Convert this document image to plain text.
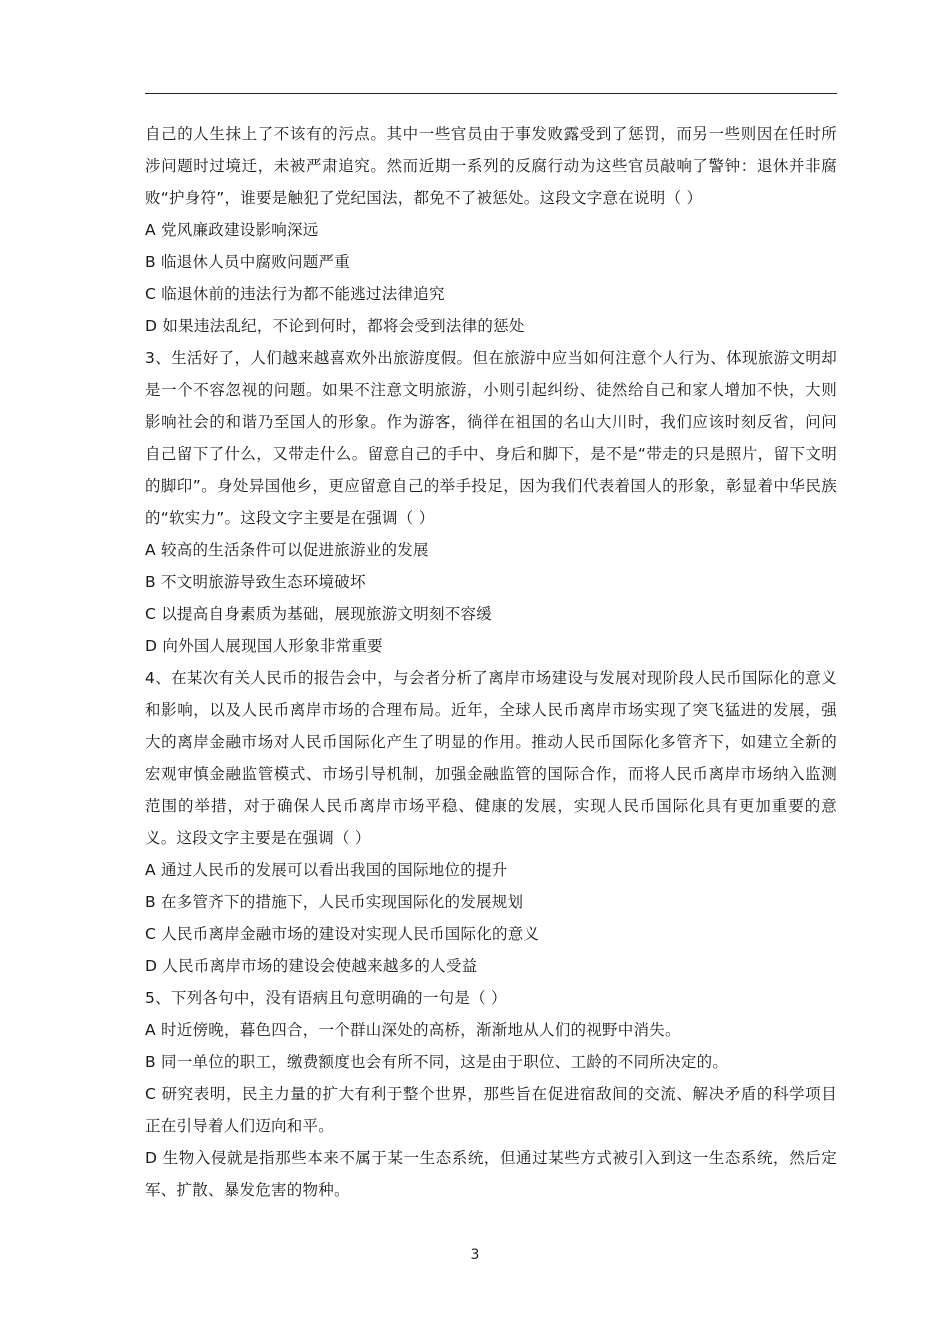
自己的人生抹上了不该有的污点。其中一些官员由于事发败露受到了惩罚，而另一些则因在任时所涉问题时过境迁，未被严肃追究。然而近期一系列的反腐行动为这些官员敲响了警钟：退休并非腐败“护身符”，谁要是触犯了党纪国法，都免不了被惩处。这段文字意在说明（ ）

A 党风廉政建设影响深远

B 临退休人员中腐败问题严重

C 临退休前的违法行为都不能逃过法律追究

D 如果违法乱纪，不论到何时，都将会受到法律的惩处

3、生活好了，人们越来越喜欢外出旅游度假。但在旅游中应当如何注意个人行为、体现旅游文明却是一个不容忽视的问题。如果不注意文明旅游，小则引起纠纷、徒然给自己和家人增加不快，大则影响社会的和谐乃至国人的形象。作为游客，徜徉在祖国的名山大川时，我们应该时刻反省，问问自己留下了什么，又带走什么。留意自己的手中、身后和脚下，是不是“带走的只是照片，留下文明的脚印”。身处异国他乡，更应留意自己的举手投足，因为我们代表着国人的形象，彰显着中华民族的“软实力”。这段文字主要是在强调（ ）

A 较高的生活条件可以促进旅游业的发展

B 不文明旅游导致生态环境破坏

C 以提高自身素质为基础，展现旅游文明刻不容缓

D 向外国人展现国人形象非常重要

4、在某次有关人民币的报告会中，与会者分析了离岸市场建设与发展对现阶段人民币国际化的意义和影响，以及人民币离岸市场的合理布局。近年，全球人民币离岸市场实现了突飞猛进的发展，强大的离岸金融市场对人民币国际化产生了明显的作用。推动人民币国际化多管齐下，如建立全新的宏观审慎金融监管模式、市场引导机制，加强金融监管的国际合作，而将人民币离岸市场纳入监测范围的举措，对于确保人民币离岸市场平稳、健康的发展，实现人民币国际化具有更加重要的意义。这段文字主要是在强调（ ）

A 通过人民币的发展可以看出我国的国际地位的提升

B 在多管齐下的措施下，人民币实现国际化的发展规划

C 人民币离岸金融市场的建设对实现人民币国际化的意义

D 人民币离岸市场的建设会使越来越多的人受益

5、下列各句中，没有语病且句意明确的一句是（ ）

A 时近傍晚，暮色四合，一个群山深处的高桥，渐渐地从人们的视野中消失。

B 同一单位的职工，缴费额度也会有所不同，这是由于职位、工龄的不同所决定的。

C 研究表明，民主力量的扩大有利于整个世界，那些旨在促进宿敌间的交流、解决矛盾的科学项目正在引导着人们迈向和平。

D 生物入侵就是指那些本来不属于某一生态系统，但通过某些方式被引入到这一生态系统，然后定军、扩散、暴发危害的物种。

3
